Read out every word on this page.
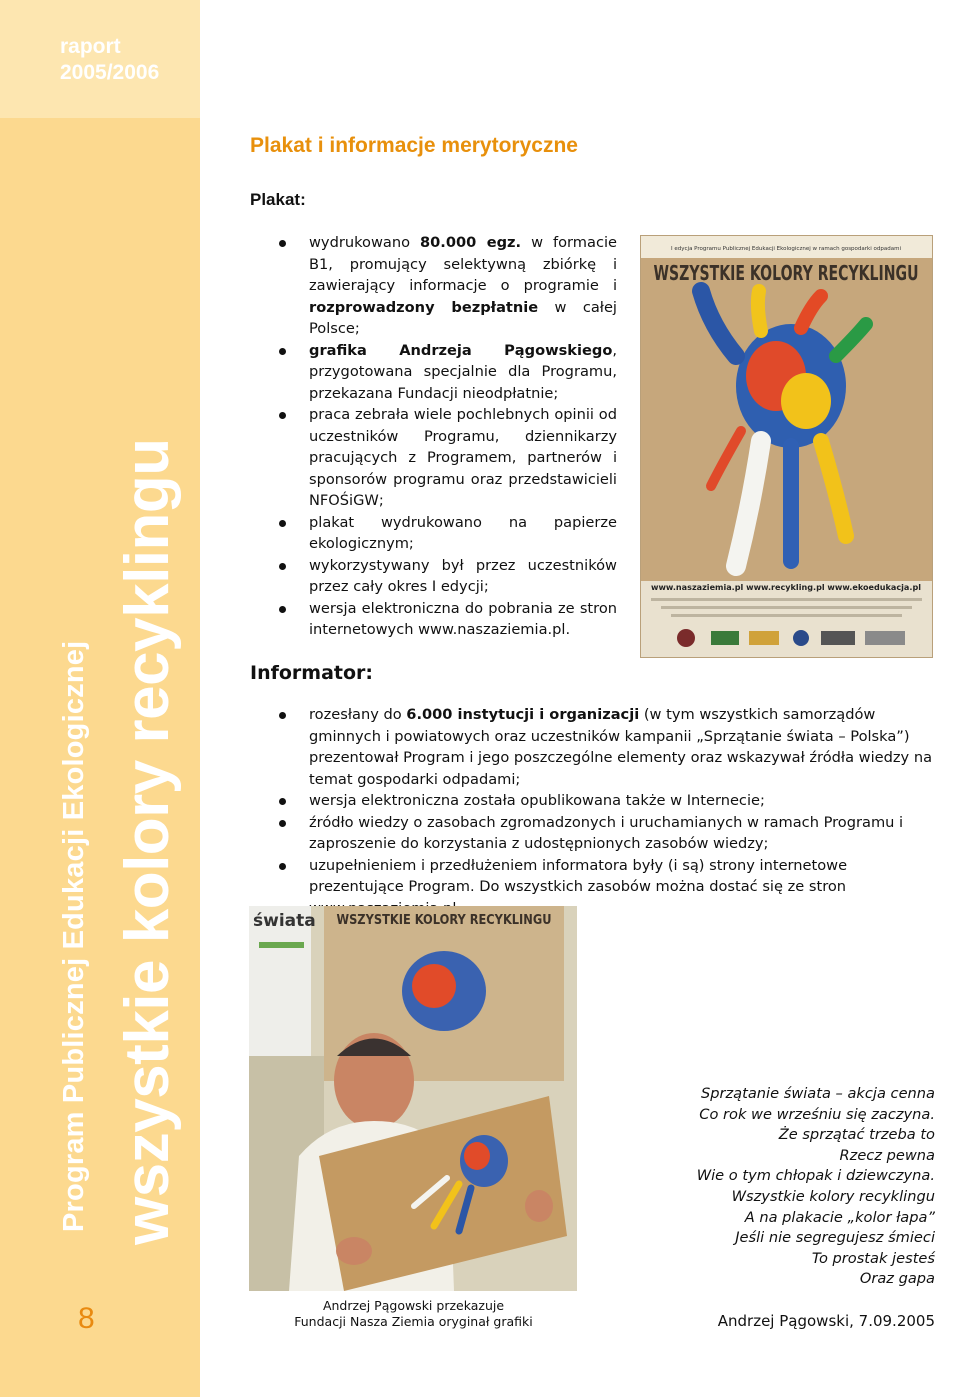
raport
2005/2006
Program Publicznej Edukacji Ekologicznej wszystkie kolory recyklingu
8
Plakat i informacje merytoryczne
Plakat:
wydrukowano 80.000 egz. w formacie B1, promujący selektywną zbiórkę i zawierający informacje o programie i rozprowadzony bezpłatnie w całej Polsce;
grafika Andrzeja Pągowskiego, przygotowana specjalnie dla Programu, przekazana Fundacji nieodpłatnie;
praca zebrała wiele pochlebnych opinii od uczestników Programu, dziennikarzy pracujących z Programem, partnerów i sponsorów programu oraz przedstawicieli NFOŚiGW;
plakat wydrukowano na papierze ekologicznym;
wykorzystywany był przez uczestników przez cały okres I edycji;
wersja elektroniczna do pobrania ze stron internetowych www.naszaziemia.pl.
I edycja Programu Publicznej Edukacji Ekologicznej w ramach gospodarki odpadami
WSZYSTKIE KOLORY RECYKLINGU
www.naszaziemia.pl www.recykling.pl www.ekoedukacja.pl
Informator:
rozesłany do 6.000 instytucji i organizacji (w tym wszystkich samorządów gminnych i powiatowych oraz uczestników kampanii „Sprzątanie świata – Polska”) prezentował Program i jego poszczególne elementy oraz wskazywał źródła wiedzy na temat gospodarki odpadami;
wersja elektroniczna została opublikowana także w Internecie;
źródło wiedzy o zasobach zgromadzonych i uruchamianych w ramach Programu i zaproszenie do korzystania z udostępnionych zasobów wiedzy;
uzupełnieniem i przedłużeniem informatora były (i są) strony internetowe prezentujące Program. Do wszystkich zasobów można dostać się ze stron
świata WSZYSTKIE KOLORY RECYKLINGU
Andrzej Pągowski przekazuje
Fundacji Nasza Ziemia oryginał grafiki
Sprzątanie świata – akcja cenna
Co rok we wrześniu się zaczyna.
Że sprzątać trzeba to
Rzecz pewna
Wie o tym chłopak i dziewczyna.
Wszystkie kolory recyklingu
A na plakacie „kolor łapa”
Jeśli nie segregujesz śmieci
To prostak jesteś
Oraz gapa
Andrzej Pągowski, 7.09.2005
